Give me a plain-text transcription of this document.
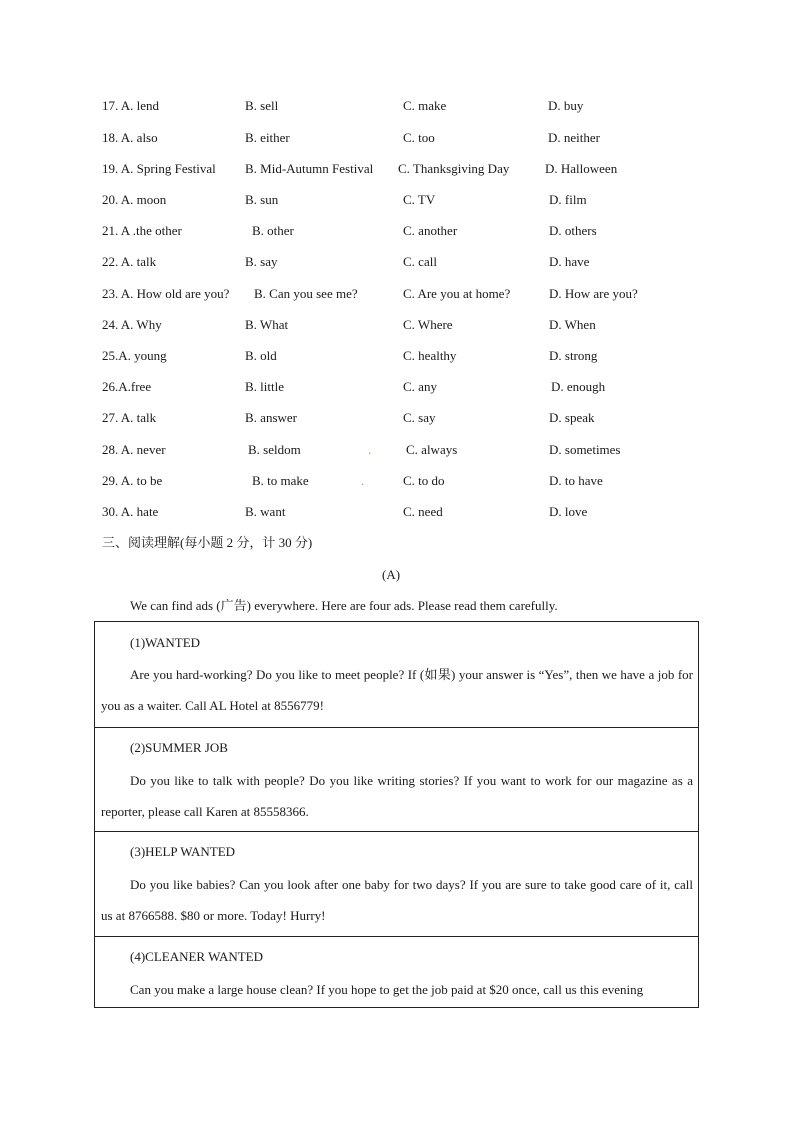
17. A. lend	B. sell	C. make	D. buy
18. A. also	B. either	C. too	D. neither
19. A. Spring Festival B. Mid-Autumn Festival C. Thanksgiving Day	D. Halloween
20. A. moon	B. sun	C. TV	D. film
21. A .the other	B. other	C. another	D. others
22. A. talk	B. say	C. call	D. have
23. A. How old are you? B. Can you see me?	C. Are you at home?	D. How are you?
24. A. Why	B. What	C. Where	D. When
25.A. young	B. old	C. healthy	D. strong
26.A.free	B. little	C. any	D. enough
27. A. talk	B. answer	C. say	D. speak
28. A. never	B. seldom	C. always	D. sometimes
29. A. to be	B. to make	C. to do	D. to have
30. A. hate	B. want	C. need	D. love
.
.
三、阅读理解(每小题 2 分，计 30 分)
(A)
We can find ads (广告) everywhere. Here are four ads. Please read them carefully.
(1)WANTED
Are you hard-working? Do you like to meet people? If (如果) your answer is “Yes”, then we have a job for you as a waiter. Call AL Hotel at 8556779!
(2)SUMMER JOB
Do you like to talk with people? Do you like writing stories? If you want to work for our magazine as a reporter, please call Karen at 85558366.
(3)HELP WANTED
Do you like babies? Can you look after one baby for two days? If you are sure to take good care of it, call us at 8766588. $80 or more. Today! Hurry!
(4)CLEANER WANTED
Can you make a large house clean? If you hope to get the job paid at $20 once, call us this evening
